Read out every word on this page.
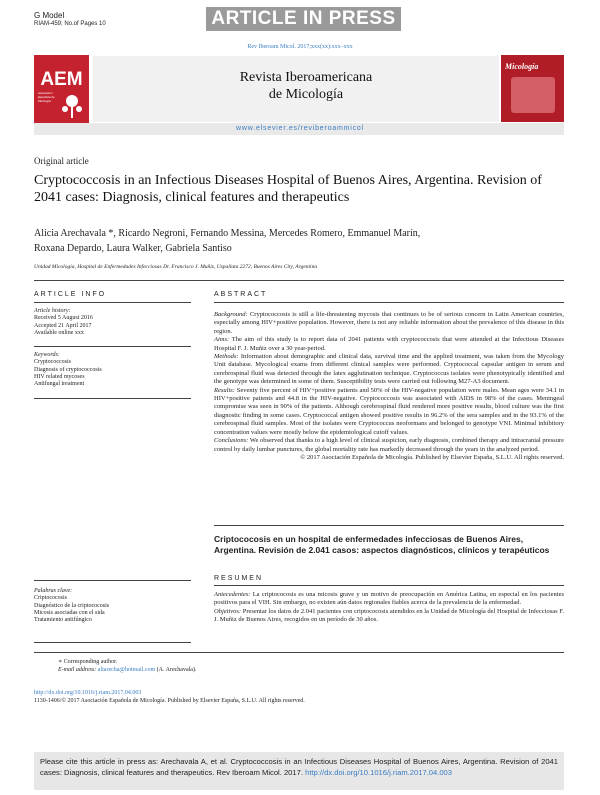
G Model
RIAM-459; No.of Pages 10	ARTICLE IN PRESS
Rev Iberoam Micol. 2017;xxx(xx):xxx–xxx
AEM
Asociación Española de Micología
Revista Iberoamericana
de Micología
Micología
www.elsevier.es/reviberoammicol
Original article
Cryptococcosis in an Infectious Diseases Hospital of Buenos Aires, Argentina. Revision of 2041 cases: Diagnosis, clinical features and therapeutics
Alicia Arechavala *, Ricardo Negroni, Fernando Messina, Mercedes Romero, Emmanuel Marín,
Roxana Depardo, Laura Walker, Gabriela Santiso
Unidad Micología, Hospital de Enfermedades Infecciosas Dr. Francisco J. Muñiz, Uspallata 2272, Buenos Aires City, Argentina
ARTICLE INFO

Article history:

Received 5 August 2016

Accepted 21 April 2017

Available online xxx

Keywords:

Cryptococcosis

Diagnosis of cryptococcosis

HIV related mycoses

Antifungal treatment

ABSTRACT

Background: Cryptococcosis is still a life-threatening mycosis that continues to be of serious concern in Latin American countries, especially among HIV+positive population. However, there is not any reliable information about the prevalence of this disease in this region.

Aims: The aim of this study is to report data of 2041 patients with cryptococcosis that were attended at the Infectious Diseases Hospital F. J. Muñiz over a 30 year-period.

Methods: Information about demographic and clinical data, survival time and the applied treatment, was taken from the Mycology Unit database. Mycological exams from different clinical samples were performed. Cryptococcal capsular antigen in serum and cerebrospinal fluid was detected through the latex agglutination technique. Cryptococcus isolates were phenotypically identified and the genotype was determined in some of them. Susceptibility tests were carried out following M27-A3 document.

Results: Seventy five percent of HIV+positive patients and 50% of the HIV-negative population were males. Mean ages were 34.1 in HIV+positive patients and 44.8 in the HIV-negative. Cryptococcosis was associated with AIDS in 98% of the cases. Meningeal compromise was seen in 90% of the patients. Although cerebrospinal fluid rendered more positive results, blood culture was the first diagnostic finding in some cases. Cryptococcal antigen showed positive results in 96.2% of the sera samples and in the 93.1% of the cerebrospinal fluid samples. Most of the isolates were Cryptococcus neoformans and belonged to genotype VNI. Minimal inhibitory concentration values were mostly below the epidemiological cutoff values.

Conclusions: We observed that thanks to a high level of clinical suspicion, early diagnosis, combined therapy and intracranial pressure control by daily lumbar punctures, the global mortality rate has markedly decreased through the years in the analyzed period.

© 2017 Asociación Española de Micología. Published by Elsevier España, S.L.U. All rights reserved.

Criptococosis en un hospital de enfermedades infecciosas de Buenos Aires, Argentina. Revisión de 2.041 casos: aspectos diagnósticos, clínicos y terapéuticos
RESUMEN

Palabras clave:

Criptococosis

Diagnóstico de la criptococosis

Micosis asociadas con el sida

Tratamiento antifúngico

Antecedentes: La criptococosis es una micosis grave y un motivo de preocupación en América Latina, en especial en los pacientes positivos para el VIH. Sin embargo, no existen aún datos regionales fiables acerca de la prevalencia de la enfermedad.

Objetivos: Presentar los datos de 2.041 pacientes con criptococosis atendidos en la Unidad de Micología del Hospital de Infecciosas F. J. Muñiz de Buenos Aires, recogidos en un período de 30 años.

∗ Corresponding author.
E-mail address: aliarecha@hotmail.com (A. Arechavala).
http://dx.doi.org/10.1016/j.riam.2017.04.003
1130-1406/© 2017 Asociación Española de Micología. Published by Elsevier España, S.L.U. All rights reserved.
Please cite this article in press as: Arechavala A, et al. Cryptococcosis in an Infectious Diseases Hospital of Buenos Aires, Argentina. Revision of 2041 cases: Diagnosis, clinical features and therapeutics. Rev Iberoam Micol. 2017. http://dx.doi.org/10.1016/j.riam.2017.04.003
